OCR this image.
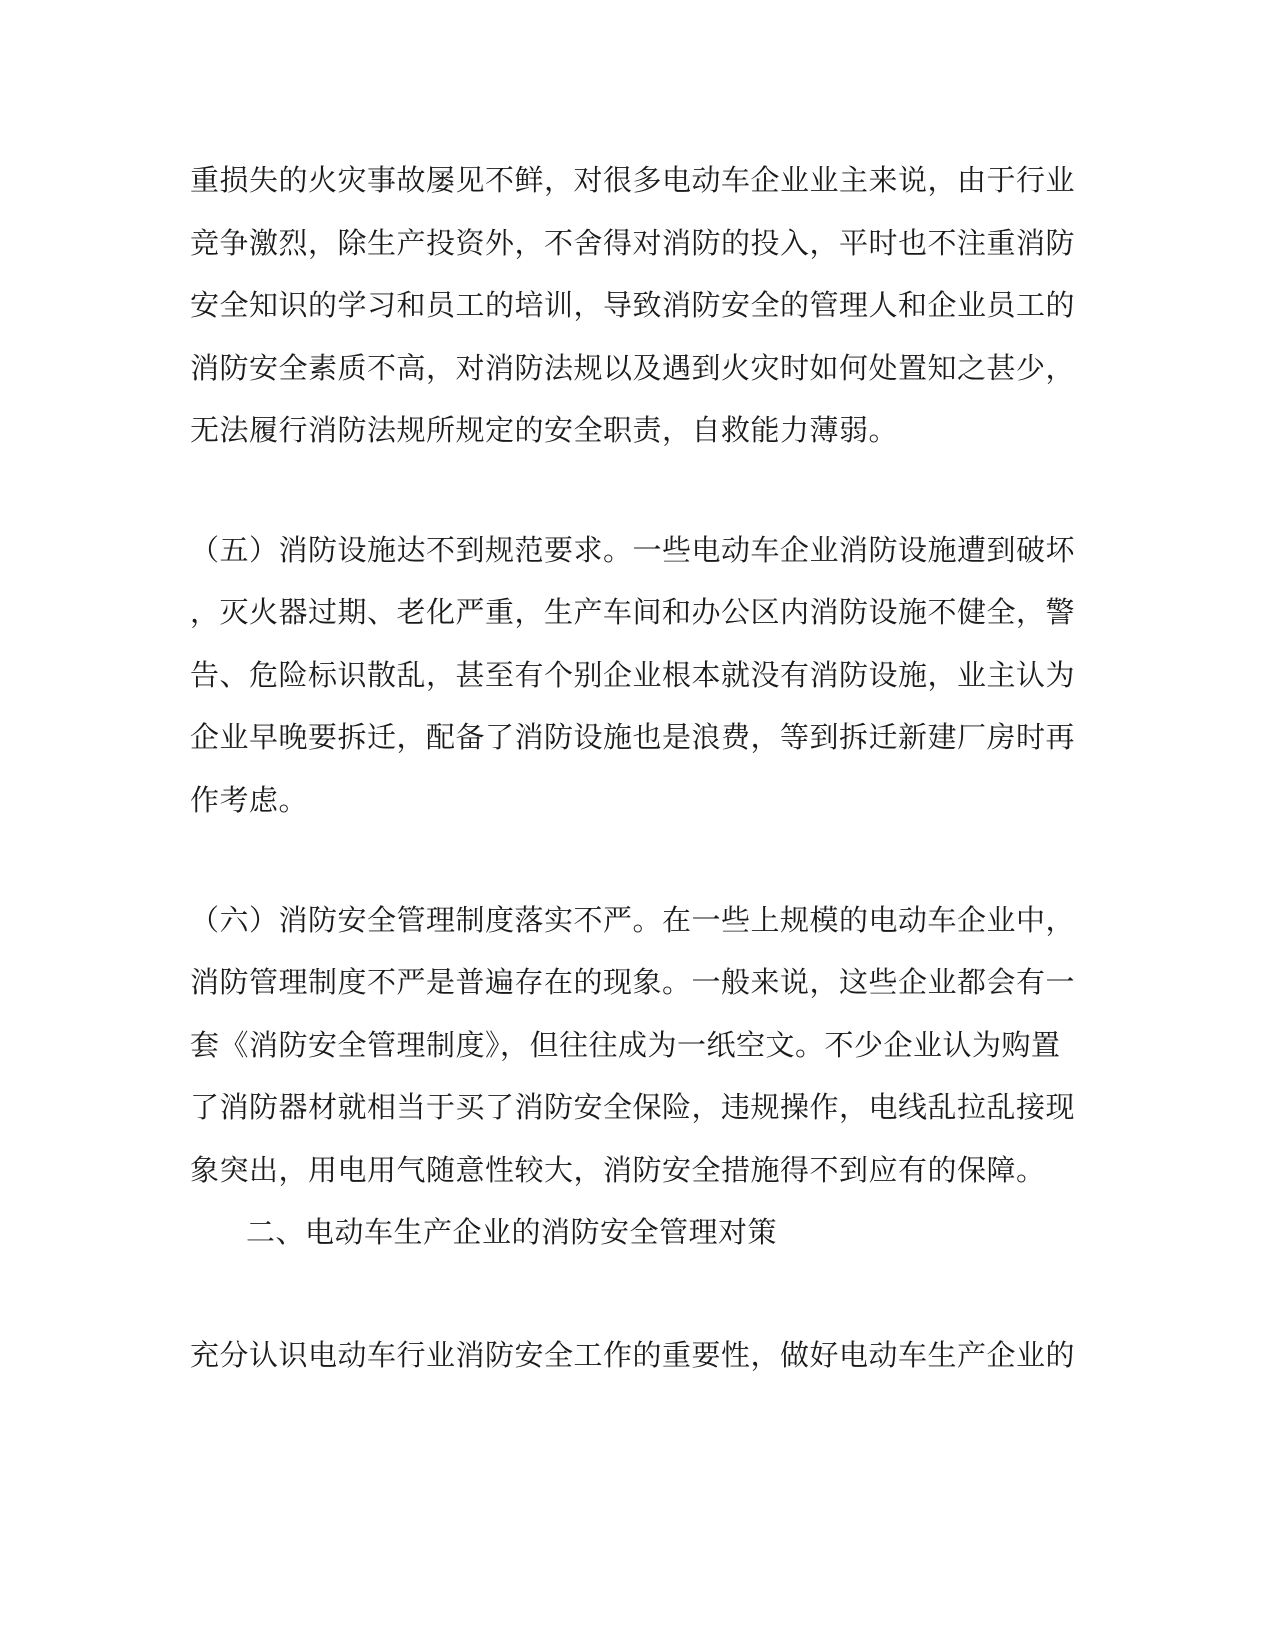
重损失的火灾事故屡见不鲜，对很多电动车企业业主来说，由于行业
竞争激烈，除生产投资外，不舍得对消防的投入，平时也不注重消防
安全知识的学习和员工的培训，导致消防安全的管理人和企业员工的
消防安全素质不高，对消防法规以及遇到火灾时如何处置知之甚少，
无法履行消防法规所规定的安全职责，自救能力薄弱。
（五）消防设施达不到规范要求。一些电动车企业消防设施遭到破坏
，灭火器过期、老化严重，生产车间和办公区内消防设施不健全，警
告、危险标识散乱，甚至有个别企业根本就没有消防设施，业主认为
企业早晚要拆迁，配备了消防设施也是浪费，等到拆迁新建厂房时再
作考虑。
（六）消防安全管理制度落实不严。在一些上规模的电动车企业中，
消防管理制度不严是普遍存在的现象。一般来说，这些企业都会有一
套《消防安全管理制度》，但往往成为一纸空文。不少企业认为购置
了消防器材就相当于买了消防安全保险，违规操作，电线乱拉乱接现
象突出，用电用气随意性较大，消防安全措施得不到应有的保障。
二、电动车生产企业的消防安全管理对策
充分认识电动车行业消防安全工作的重要性，做好电动车生产企业的
